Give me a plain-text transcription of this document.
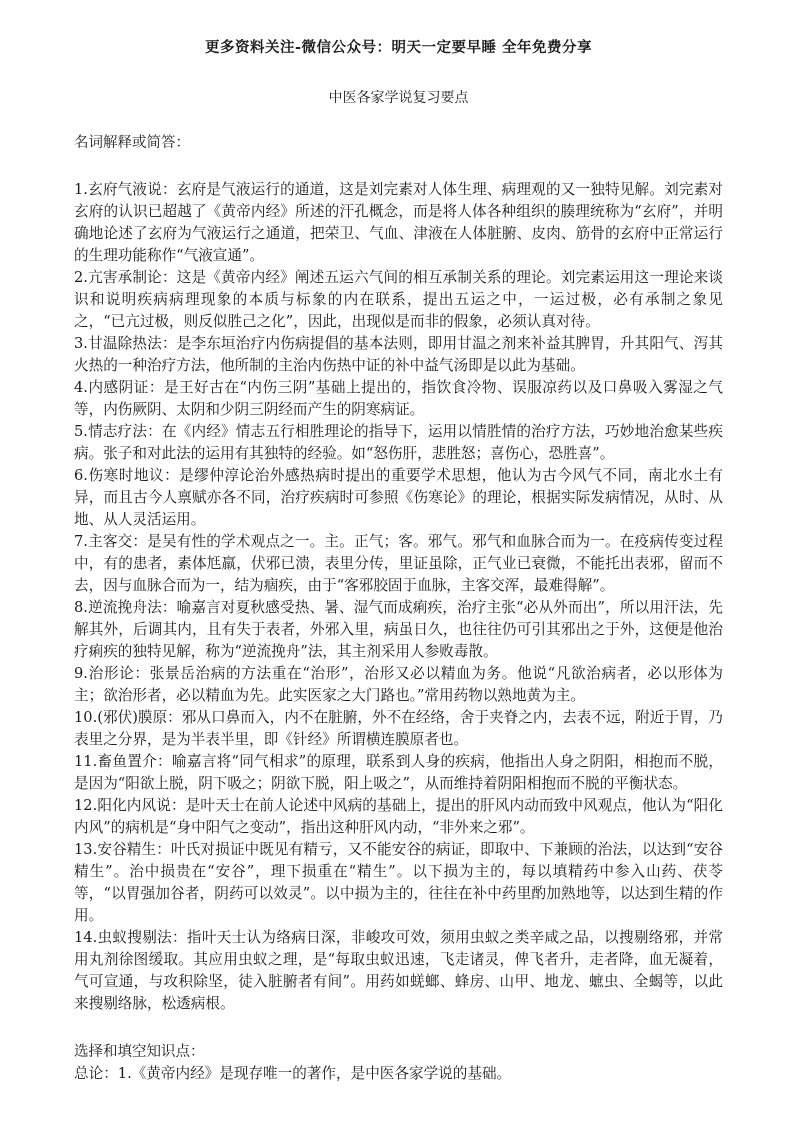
更多资料关注-微信公众号：明天一定要早睡 全年免费分享
中医各家学说复习要点
名词解释或简答：

1.玄府气液说：玄府是气液运行的通道，这是刘完素对人体生理、病理观的又一独特见解。刘完素对玄府的认识已超越了《黄帝内经》所述的汗孔概念，而是将人体各种组织的腠理统称为“玄府”，并明确地论述了玄府为气液运行之通道，把荣卫、气血、津液在人体脏腑、皮肉、筋骨的玄府中正常运行的生理功能称作“气液宣通”。

2.亢害承制论：这是《黄帝内经》阐述五运六气间的相互承制关系的理论。刘完素运用这一理论来谈识和说明疾病病理现象的本质与标象的内在联系，提出五运之中，一运过极，必有承制之象见之，“已亢过极，则反似胜己之化”，因此，出现似是而非的假象，必须认真对待。

3.甘温除热法：是李东垣治疗内伤病提倡的基本法则，即用甘温之剂来补益其脾胃，升其阳气、泻其火热的一种治疗方法，他所制的主治内伤热中证的补中益气汤即是以此为基础。

4.内感阴证：是王好古在“内伤三阴”基础上提出的，指饮食冷物、误服凉药以及口鼻吸入雾湿之气等，内伤厥阴、太阴和少阴三阴经而产生的阴寒病证。

5.情志疗法：在《内经》情志五行相胜理论的指导下，运用以情胜情的治疗方法，巧妙地治愈某些疾病。张子和对此法的运用有其独特的经验。如“怒伤肝，悲胜怒；喜伤心，恐胜喜”。

6.伤寒时地议：是缪仲淳论治外感热病时提出的重要学术思想，他认为古今风气不同，南北水土有异，而且古今人禀赋亦各不同，治疗疾病时可参照《伤寒论》的理论，根据实际发病情况，从时、从地、从人灵活运用。

7.主客交：是吴有性的学术观点之一。主。正气；客。邪气。邪气和血脉合而为一。在疫病传变过程中，有的患者，素体尪羸，伏邪已溃，表里分传，里证虽除，正气业已衰微，不能托出表邪，留而不去，因与血脉合而为一，结为痼疾，由于“客邪胶固于血脉，主客交浑，最难得解”。

8.逆流挽舟法：喻嘉言对夏秋感受热、暑、湿气而成痢疾，治疗主张“必从外而出”，所以用汗法，先解其外，后调其内，且有失于表者，外邪入里，病虽日久，也往往仍可引其邪出之于外，这便是他治疗痢疾的独特见解，称为“逆流挽舟”法，其主剂采用人参败毒散。

9.治形论：张景岳治病的方法重在“治形”，治形又必以精血为务。他说“凡欲治病者，必以形体为主；欲治形者，必以精血为先。此实医家之大门路也。”常用药物以熟地黄为主。

10.(邪伏)膜原：邪从口鼻而入，内不在脏腑，外不在经络，舍于夹脊之内，去表不远，附近于胃，乃表里之分界，是为半表半里，即《针经》所谓横连膜原者也。

11.畜鱼置介：喻嘉言将“同气相求”的原理，联系到人身的疾病，他指出人身之阴阳，相抱而不脱，是因为“阳欲上脱，阴下吸之；阴欲下脱，阳上吸之”，从而维持着阴阳相抱而不脱的平衡状态。

12.阳化内风说：是叶天士在前人论述中风病的基础上，提出的肝风内动而致中风观点，他认为“阳化内风”的病机是“身中阳气之变动”，指出这种肝风内动，“非外来之邪”。

13.安谷精生：叶氏对损证中既见有精亏，又不能安谷的病证，即取中、下兼顾的治法，以达到“安谷精生”。治中损贵在“安谷”，理下损重在“精生”。以下损为主的，每以填精药中参入山药、茯苓等，“以胃强加谷者，阴药可以效灵”。以中损为主的，往往在补中药里酌加熟地等，以达到生精的作用。

14.虫蚁搜剔法：指叶天士认为络病日深，非峻攻可效，须用虫蚁之类辛咸之品，以搜剔络邪，并常用丸剂徐图缓取。其应用虫蚁之理，是“每取虫蚁迅速，飞走诸灵，俾飞者升，走者降，血无凝着，气可宣通，与攻积除坚，徒入脏腑者有间”。用药如蜣螂、蜂房、山甲、地龙、蟅虫、全蝎等，以此来搜剔络脉，松透病根。

选择和填空知识点：
总论：1.《黄帝内经》是现存唯一的著作，是中医各家学说的基础。
